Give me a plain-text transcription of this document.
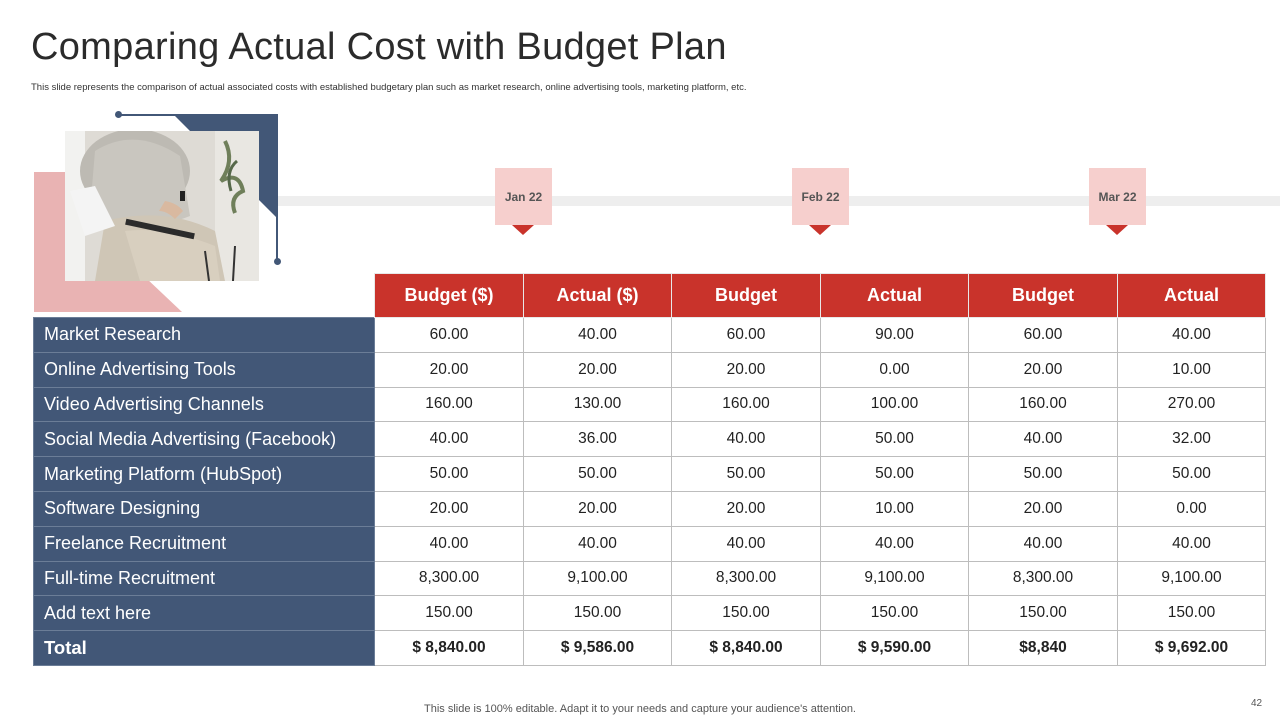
Comparing Actual Cost with Budget Plan
This slide represents the comparison of actual associated costs with established budgetary plan such as market research, online advertising tools, marketing platform, etc.
Jan 22	Feb 22	Mar 22
	Budget ($)	Actual ($)	Budget	Actual	Budget	Actual
Market Research	60.00	40.00	60.00	90.00	60.00	40.00
Online Advertising Tools	20.00	20.00	20.00	0.00	20.00	10.00
Video Advertising Channels	160.00	130.00	160.00	100.00	160.00	270.00
Social Media Advertising (Facebook)	40.00	36.00	40.00	50.00	40.00	32.00
Marketing Platform (HubSpot)	50.00	50.00	50.00	50.00	50.00	50.00
Software Designing	20.00	20.00	20.00	10.00	20.00	0.00
Freelance Recruitment	40.00	40.00	40.00	40.00	40.00	40.00
Full-time Recruitment	8,300.00	9,100.00	8,300.00	9,100.00	8,300.00	9,100.00
Add text here	150.00	150.00	150.00	150.00	150.00	150.00
Total	$ 8,840.00	$ 9,586.00	$ 8,840.00	$ 9,590.00	$8,840	$ 9,692.00
This slide is 100% editable. Adapt it to your needs and capture your audience's attention.	42
